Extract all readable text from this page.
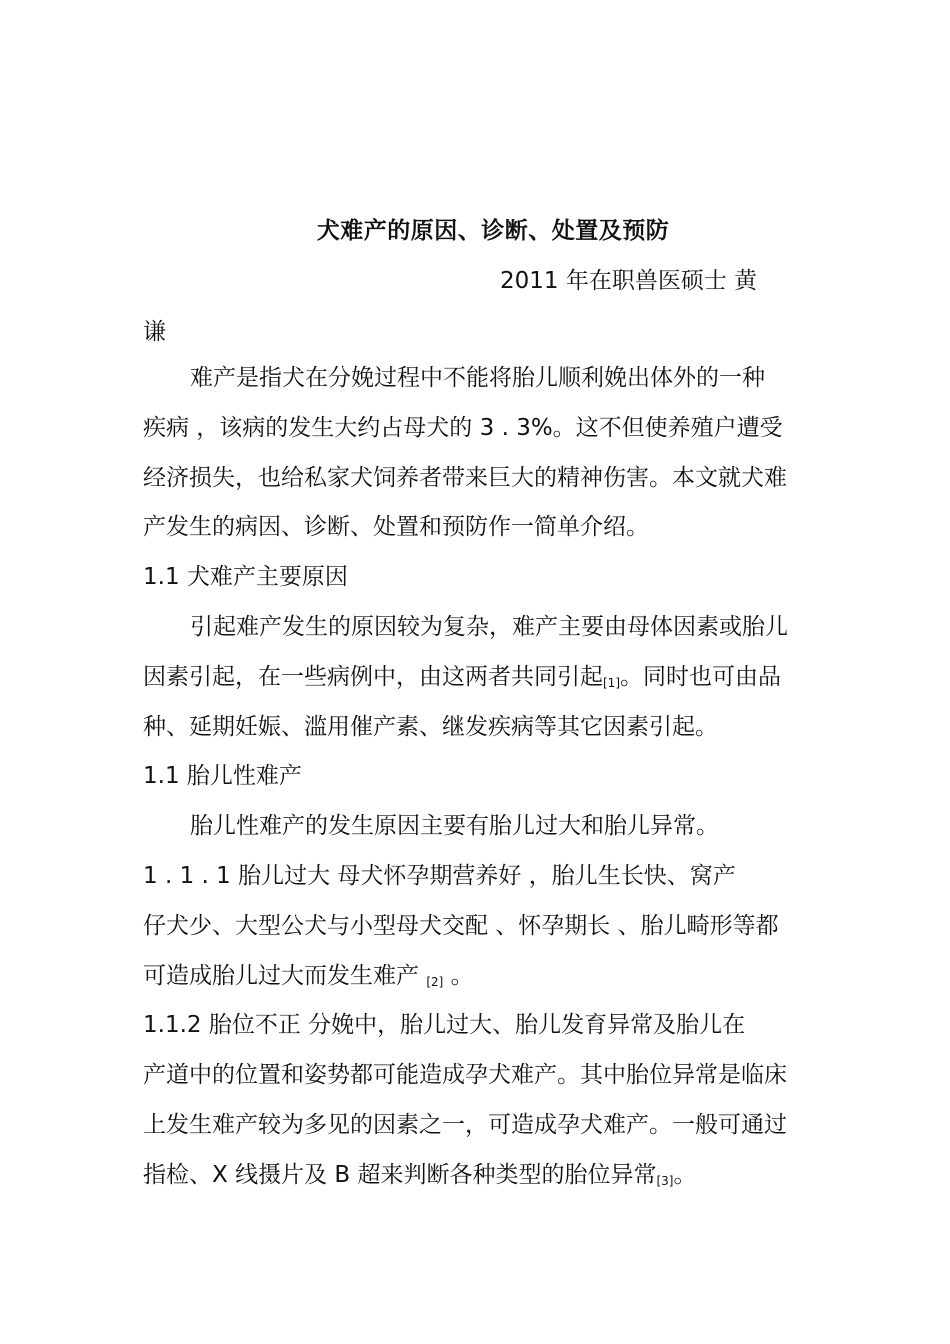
犬难产的原因、诊断、处置及预防
2011 年在职兽医硕士 黄
谦
难产是指犬在分娩过程中不能将胎儿顺利娩出体外的一种
疾病 ，该病的发生大约占母犬的 3 . 3%。这不但使养殖户遭受
经济损失，也给私家犬饲养者带来巨大的精神伤害。本文就犬难
产发生的病因、诊断、处置和预防作一简单介绍。
1.1 犬难产主要原因
引起难产发生的原因较为复杂，难产主要由母体因素或胎儿
因素引起，在一些病例中，由这两者共同引起[1]。同时也可由品
种、延期妊娠、滥用催产素、继发疾病等其它因素引起。
1.1 胎儿性难产
胎儿性难产的发生原因主要有胎儿过大和胎儿异常。
1 . 1 . 1 胎儿过大 母犬怀孕期营养好 ，胎儿生长快、窝产
仔犬少、大型公犬与小型母犬交配 、怀孕期长 、胎儿畸形等都
可造成胎儿过大而发生难产 [2] 。
1.1.2 胎位不正 分娩中，胎儿过大、胎儿发育异常及胎儿在
产道中的位置和姿势都可能造成孕犬难产。其中胎位异常是临床
上发生难产较为多见的因素之一，可造成孕犬难产。一般可通过
指检、X 线摄片及 B 超来判断各种类型的胎位异常[3]。
